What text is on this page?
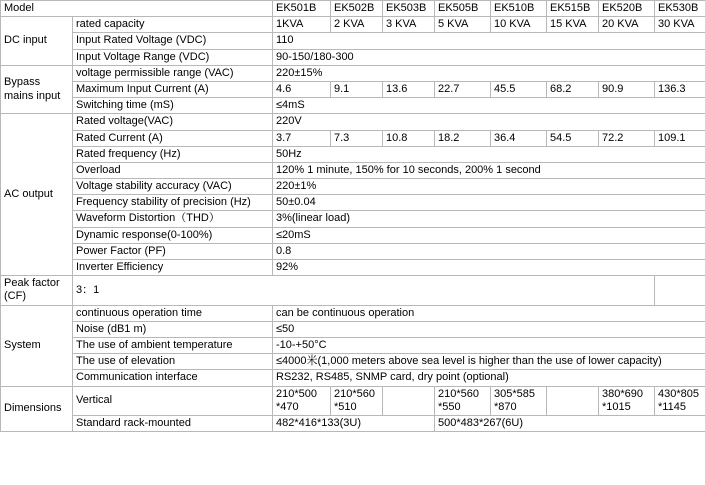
Model		EK501B	EK502B	EK503B	EK505B	EK510B	EK515B	EK520B	EK530B
DC input	rated capacity	1KVA	2 KVA	3 KVA	5 KVA	10 KVA	15 KVA	20 KVA	30 KVA
	Input Rated Voltage (VDC)	110							
	Input Voltage Range (VDC)	90-150/180-300							
Bypass mains input	voltage permissible range (VAC)	220±15%							
	Maximum Input Current (A)	4.6	9.1	13.6	22.7	45.5	68.2	90.9	136.3
	Switching time (mS)	≤4mS							
AC output	Rated voltage(VAC)	220V							
	Rated Current (A)	3.7	7.3	10.8	18.2	36.4	54.5	72.2	109.1
	Rated frequency (Hz)	50Hz							
	Overload	120% 1 minute, 150% for 10 seconds, 200% 1 second							
	Voltage stability accuracy (VAC)	220±1%							
	Frequency stability of precision (Hz)	50±0.04							
	Waveform Distortion（THD）	3%(linear load)							
	Dynamic response(0-100%)	≤20mS							
	Power Factor (PF)	0.8							
	Inverter Efficiency	92%							
Peak factor (CF)	3：1								
System	continuous operation time	can be continuous operation							
	Noise (dB1 m)	≤50							
	The use of ambient temperature	-10-+50°C							
	The use of elevation	≤4000米(1,000 meters above sea level is higher than the use of lower capacity)							
	Communication interface	RS232, RS485, SNMP card, dry point (optional)							
Dimensions	Vertical	210*500 *470	210*560 *510		210*560 *550	305*585 *870		380*690 *1015	430*805 *1145
	Standard rack-mounted	482*416*133(3U)			500*483*267(6U)				
